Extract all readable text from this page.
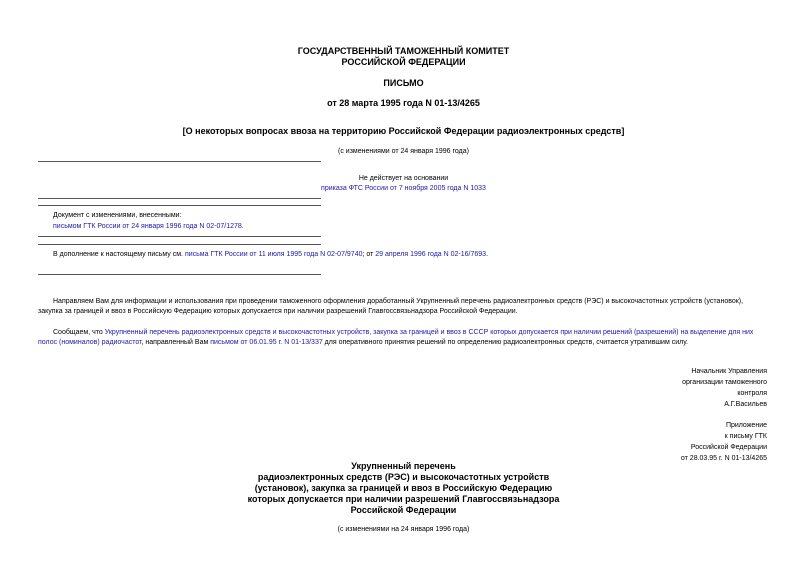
ГОСУДАРСТВЕННЫЙ ТАМОЖЕННЫЙ КОМИТЕТ
РОССИЙСКОЙ ФЕДЕРАЦИИ
ПИСЬМО
от 28 марта 1995 года N 01-13/4265
[О некоторых вопросах ввоза на территорию Российской Федерации радиоэлектронных средств]
(с изменениями от 24 января 1996 года)
Не действует на основании
приказа ФТС России от 7 ноября 2005 года N 1033
Документ с изменениями, внесенными:
письмом ГТК России от 24 января 1996 года N 02-07/1278.
В дополнение к настоящему письму см. письма ГТК России от 11 июля 1995 года N 02-07/9740; от 29 апреля 1996 года N 02-16/7693.
Направляем Вам для информации и использования при проведении таможенного оформления доработанный Укрупненный перечень радиоэлектронных средств (РЭС) и высокочастотных устройств (установок),
закупка за границей и ввоз в Российскую Федерацию которых допускается при наличии разрешений Главгоссвязьнадзора Российской Федерации.
Сообщаем, что Укрупненный перечень радиоэлектронных средств и высокочастотных устройств, закупка за границей и ввоз в СССР которых допускается при наличии решений (разрешений) на выделение для них
полос (номиналов) радиочастот, направленный Вам письмом от 06.01.95 г. N 01-13/337 для оперативного принятия решений по определению радиоэлектронных средств, считается утратившим силу.
Начальник Управления
организации таможенного
контроля
А.Г.Васильев
Приложение
к письму ГТК
Российской Федерации
от 28.03.95 г. N 01-13/4265
Укрупненный перечень
радиоэлектронных средств (РЭС) и высокочастотных устройств
(установок), закупка за границей и ввоз в Российскую Федерацию
которых допускается при наличии разрешений Главгоссвязьнадзора
Российской Федерации
(с изменениями на 24 января 1996 года)
